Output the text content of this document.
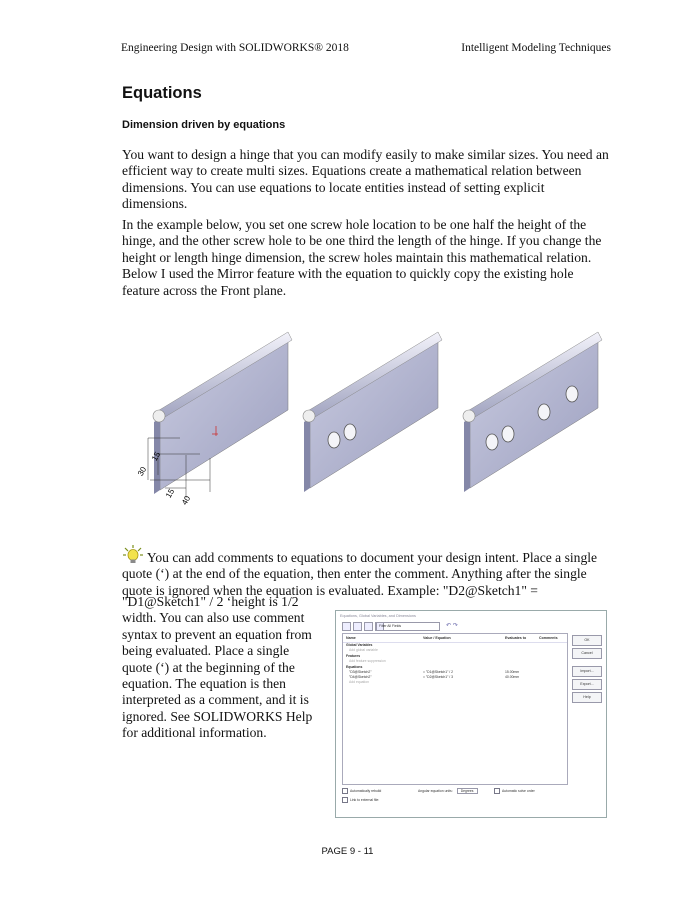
Engineering Design with SOLIDWORKS® 2018	Intelligent Modeling Techniques
Equations
Dimension driven by equations

You want to design a hinge that you can modify easily to make similar sizes. You need an efficient way to create multi sizes. Equations create a mathematical relation between dimensions. You can use equations to locate entities instead of setting explicit dimensions.

In the example below, you set one screw hole location to be one half the height of the hinge, and the other screw hole to be one third the length of the hinge. If you change the height or length hinge dimension, the screw holes maintain this mathematical relation. Below I used the Mirror feature with the equation to quickly copy the existing hole feature across the Front plane.

30
15
15
40

You can add comments to equations to document your design intent. Place a single quote (‘) at the end of the equation, then enter the comment. Anything after the single quote is ignored when the equation is evaluated. Example: "D2@Sketch1" =

"D1@Sketch1" / 2 ‘height is 1/2 width. You can also use comment syntax to prevent an equation from being evaluated. Place a single quote (‘) at the beginning of the equation. The equation is then interpreted as a comment, and it is ignored. See SOLIDWORKS Help for additional information.

Equations, Global Variables, and Dimensions
Filter All Fields	↶ ↷
Name	Value / Equation	Evaluates to	Comments
Global Variables
Add global variable
Features
Add feature suppression
Equations
"D3@Sketch2"	= "D1@Sketch1" / 2	15.00mm
"D4@Sketch2"	= "D2@Sketch1" / 3	40.00mm
Add equation
OK
Cancel
Import...
Export...
Help
Automatically rebuild	Angular equation units:	Degrees	Automatic solve order
Link to external file:
PAGE 9 - 11
